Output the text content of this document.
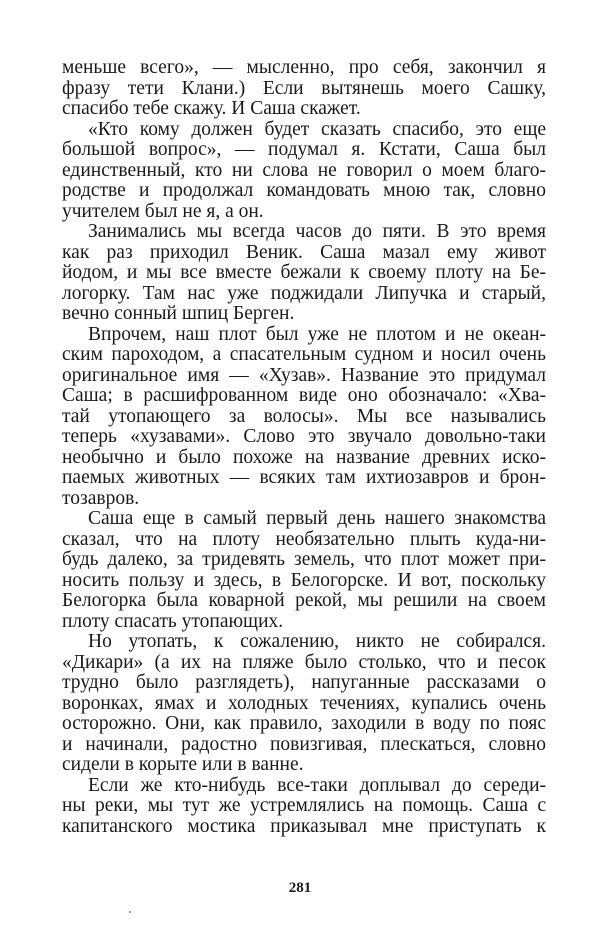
меньше всего», — мысленно, про себя, закончил я
фразу тети Клани.) Если вытянешь моего Сашку,
спасибо тебе скажу. И Саша скажет.
«Кто кому должен будет сказать спасибо, это еще
большой вопрос», — подумал я. Кстати, Саша был
единственный, кто ни слова не говорил о моем благо-
родстве и продолжал командовать мною так, словно
учителем был не я, а он.
Занимались мы всегда часов до пяти. В это время
как раз приходил Веник. Саша мазал ему живот
йодом, и мы все вместе бежали к своему плоту на Бе-
логорку. Там нас уже поджидали Липучка и старый,
вечно сонный шпиц Берген.
Впрочем, наш плот был уже не плотом и не океан-
ским пароходом, а спасательным судном и носил очень
оригинальное имя — «Хузав». Название это придумал
Саша; в расшифрованном виде оно обозначало: «Хва-
тай утопающего за волосы». Мы все назывались
теперь «хузавами». Слово это звучало довольно-таки
необычно и было похоже на название древних иско-
паемых животных — всяких там ихтиозавров и брон-
тозавров.
Саша еще в самый первый день нашего знакомства
сказал, что на плоту необязательно плыть куда-ни-
будь далеко, за тридевять земель, что плот может при-
носить пользу и здесь, в Белогорске. И вот, поскольку
Белогорка была коварной рекой, мы решили на своем
плоту спасать утопающих.
Но утопать, к сожалению, никто не собирался.
«Дикари» (а их на пляже было столько, что и песок
трудно было разглядеть), напуганные рассказами о
воронках, ямах и холодных течениях, купались очень
осторожно. Они, как правило, заходили в воду по пояс
и начинали, радостно повизгивая, плескаться, словно
сидели в корыте или в ванне.
Если же кто-нибудь все-таки доплывал до середи-
ны реки, мы тут же устремлялись на помощь. Саша с
капитанского мостика приказывал мне приступать к
281
